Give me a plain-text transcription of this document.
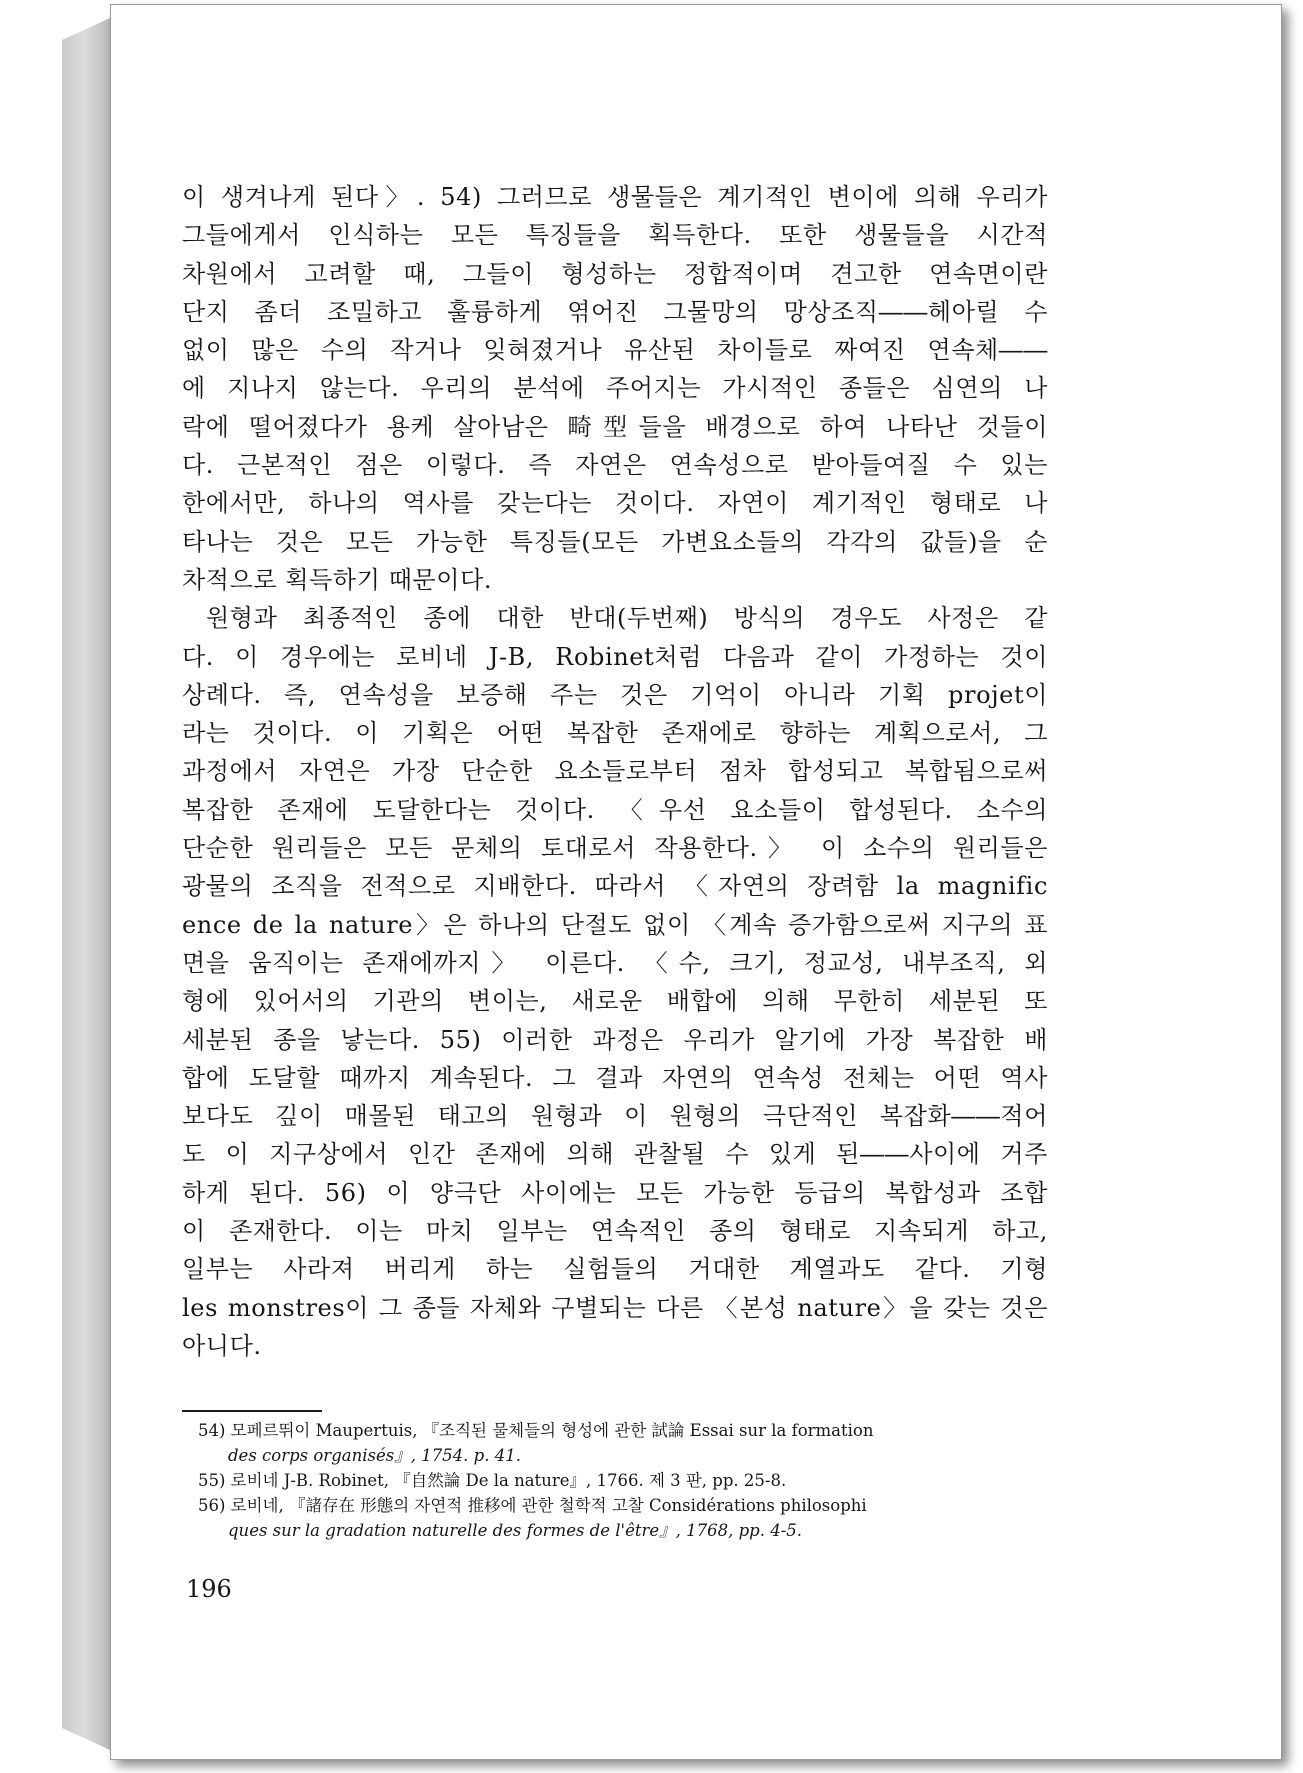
이 생겨나게 된다〉. 54) 그러므로 생물들은 계기적인 변이에 의해 우리가
그들에게서 인식하는 모든 특징들을 획득한다. 또한 생물들을 시간적
차원에서 고려할 때, 그들이 형성하는 정합적이며 견고한 연속면이란
단지 좀더 조밀하고 훌륭하게 엮어진 그물망의 망상조직――헤아릴 수
없이 많은 수의 작거나 잊혀졌거나 유산된 차이들로 짜여진 연속체――
에 지나지 않는다. 우리의 분석에 주어지는 가시적인 종들은 심연의 나
락에 떨어졌다가 용케 살아남은 畸型들을 배경으로 하여 나타난 것들이
다. 근본적인 점은 이렇다. 즉 자연은 연속성으로 받아들여질 수 있는
한에서만, 하나의 역사를 갖는다는 것이다. 자연이 계기적인 형태로 나
타나는 것은 모든 가능한 특징들(모든 가변요소들의 각각의 값들)을 순
차적으로 획득하기 때문이다.
원형과 최종적인 종에 대한 반대(두번째) 방식의 경우도 사정은 같
다. 이 경우에는 로비네 J-B, Robinet처럼 다음과 같이 가정하는 것이
상례다. 즉, 연속성을 보증해 주는 것은 기억이 아니라 기획 projet이
라는 것이다. 이 기획은 어떤 복잡한 존재에로 향하는 계획으로서, 그
과정에서 자연은 가장 단순한 요소들로부터 점차 합성되고 복합됨으로써
복잡한 존재에 도달한다는 것이다. 〈우선 요소들이 합성된다. 소수의
단순한 원리들은 모든 문체의 토대로서 작용한다.〉 이 소수의 원리들은
광물의 조직을 전적으로 지배한다. 따라서 〈자연의 장려함 la magnific
ence de la nature〉은 하나의 단절도 없이 〈계속 증가함으로써 지구의 표
면을 움직이는 존재에까지〉 이른다. 〈수, 크기, 정교성, 내부조직, 외
형에 있어서의 기관의 변이는, 새로운 배합에 의해 무한히 세분된 또
세분된 종을 낳는다. 55) 이러한 과정은 우리가 알기에 가장 복잡한 배
합에 도달할 때까지 계속된다. 그 결과 자연의 연속성 전체는 어떤 역사
보다도 깊이 매몰된 태고의 원형과 이 원형의 극단적인 복잡화――적어
도 이 지구상에서 인간 존재에 의해 관찰될 수 있게 된――사이에 거주
하게 된다. 56) 이 양극단 사이에는 모든 가능한 등급의 복합성과 조합
이 존재한다. 이는 마치 일부는 연속적인 종의 형태로 지속되게 하고,
일부는 사라져 버리게 하는 실험들의 거대한 계열과도 같다. 기형
les monstres이 그 종들 자체와 구별되는 다른 〈본성 nature〉을 갖는 것은
아니다.
54) 모페르뛰이 Maupertuis, 『조직된 물체들의 형성에 관한 試論 Essai sur la formation
des corps organisés』, 1754. p. 41.
55) 로비네 J-B. Robinet, 『自然論 De la nature』, 1766. 제 3 판, pp. 25-8.
56) 로비네, 『諸存在 形態의 자연적 推移에 관한 철학적 고찰 Considérations philosophi
ques sur la gradation naturelle des formes de l'être』, 1768, pp. 4-5.
196
